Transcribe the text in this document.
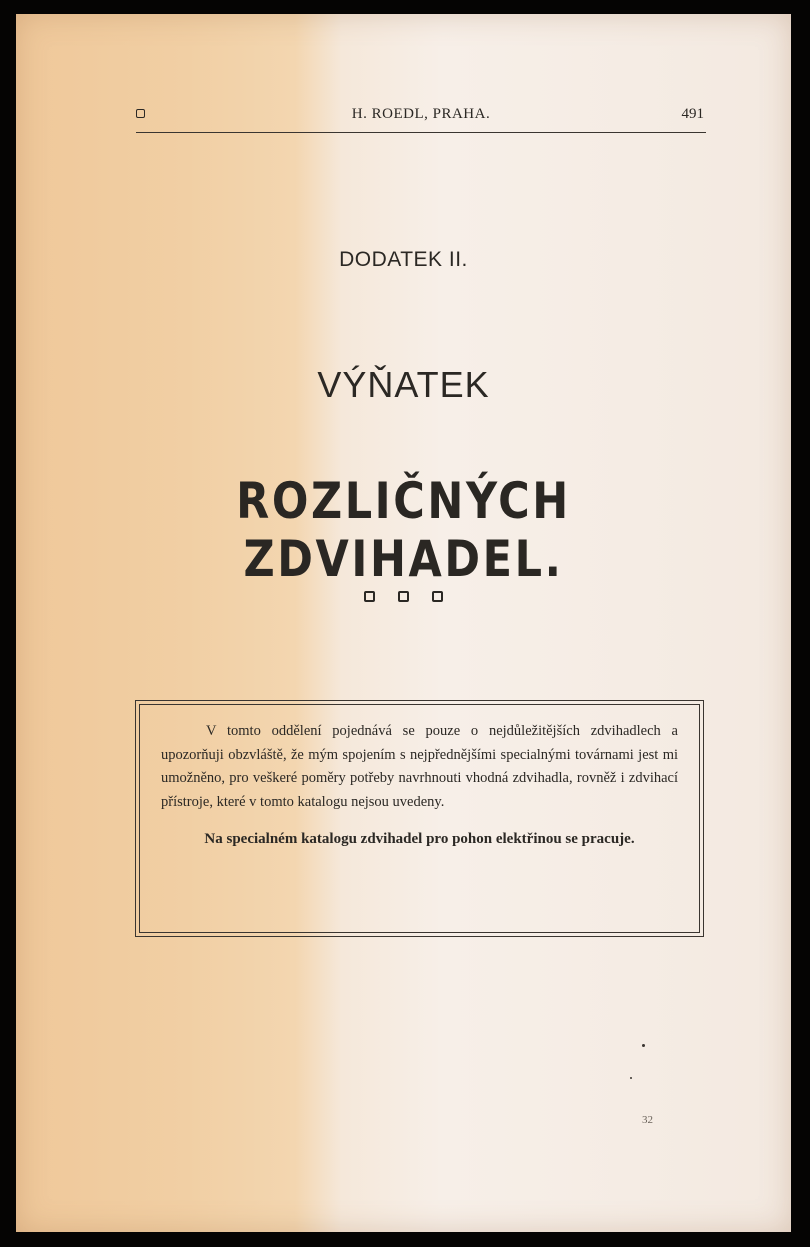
H. ROEDL, PRAHA.	491
DODATEK II.
VÝŇATEK
ROZLIČNÝCH ZDVIHADEL.

V tomto oddělení pojednává se pouze o nejdůležitějších zdvihadlech a upozorňuji obzvláště, že mým spojením s nejpřednějšími specialnými továrnami jest mi umožněno, pro veškeré poměry potřeby navrhnouti vhodná zdvihadla, rovněž i zdvihací přístroje, které v tomto katalogu nejsou uvedeny.

Na specialném katalogu zdvihadel pro pohon elektřinou se pracuje.

32
